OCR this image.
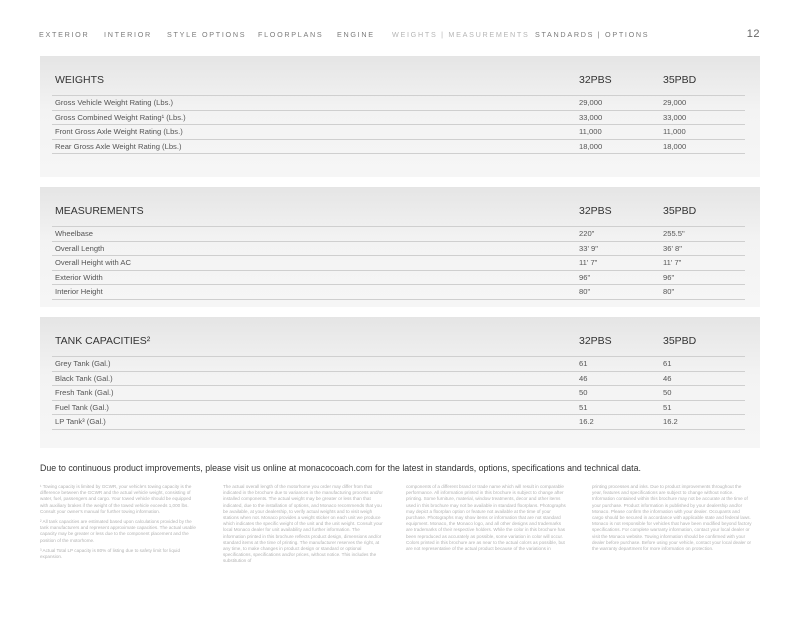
EXTERIOR INTERIOR STYLE OPTIONS FLOORPLANS ENGINE WEIGHTS | MEASUREMENTS STANDARDS | OPTIONS	12
WEIGHTS	32PBS	35PBD
Gross Vehicle Weight Rating (Lbs.)	29,000	29,000
Gross Combined Weight Rating¹ (Lbs.)	33,000	33,000
Front Gross Axle Weight Rating (Lbs.)	11,000	11,000
Rear Gross Axle Weight Rating (Lbs.)	18,000	18,000
MEASUREMENTS	32PBS	35PBD
Wheelbase	220"	255.5"
Overall Length	33' 9"	36' 8"
Overall Height with AC	11' 7"	11' 7"
Exterior Width	96"	96"
Interior Height	80"	80"
TANK CAPACITIES²	32PBS	35PBD
Grey Tank (Gal.)	61	61
Black Tank (Gal.)	46	46
Fresh Tank (Gal.)	50	50
Fuel Tank (Gal.)	51	51
LP Tank³ (Gal.)	16.2	16.2

Due to continuous product improvements, please visit us online at monacocoach.com for the latest in standards, options, specifications and technical data.

¹ Towing capacity is limited by GCWR, your vehicle's towing capacity is the difference between the GCWR and the actual vehicle weight, consisting of water, fuel, passengers and cargo. Your towed vehicle should be equipped with auxiliary brakes if the weight of the towed vehicle exceeds 1,000 lbs. Consult your owner's manual for further towing information.

² All tank capacities are estimated based upon calculations provided by the tank manufacturers and represent approximate capacities. The actual usable capacity may be greater or less due to the component placement and the position of the motorhome.

³ Actual Total LP capacity is 80% of listing due to safety limit for liquid expansion.

The actual overall length of the motorhome you order may differ from that indicated in the brochure due to variances in the manufacturing process and/or installed components. The actual weight may be greater or less than that indicated, due to the installation of options, and Monaco recommends that you be available, at your dealership, to verify actual weights and to visit weigh stations when not. Monaco provides a weight sticker on each unit we produce which indicates the specific weight of the unit and the unit weight. Consult your local Monaco dealer for unit availability and further information. The information printed in this brochure reflects product design, dimensions and/or standard items at the time of printing. The manufacturer reserves the right, at any time, to make changes in product design or standard or optional specifications, specifications and/or prices, without notice. This includes the substitution of

components of a different brand or trade name which will result in comparable performance. All information printed in this brochure is subject to change after printing. Some furniture, material, window treatments, decor and other items used in this brochure may not be available in standard floorplans. Photographs may depict a floorplan option or feature not available at the time of your purchase. Photographs may show items or information that are not standard equipment. Monaco, the Monaco logo, and all other designs and trademarks are trademarks of their respective holders. While the color in this brochure has been reproduced as accurately as possible, some variation in color will occur. Colors printed in this brochure are as near to the actual colors as possible, but are not representative of the actual product because of the variations in

printing processes and inks. Due to product improvements throughout the year, features and specifications are subject to change without notice. Information contained within this brochure may not be accurate at the time of your purchase. Product information is published by your dealership and/or Monaco. Please confirm the information with your dealer. Occupants and cargo should be secured in accordance with applicable state and federal laws. Monaco is not responsible for vehicles that have been modified beyond factory specifications. For complete warranty information, contact your local dealer or visit the Monaco website. Towing information should be confirmed with your dealer before purchase. Before using your vehicle, contact your local dealer or the warranty department for more information on protection.
